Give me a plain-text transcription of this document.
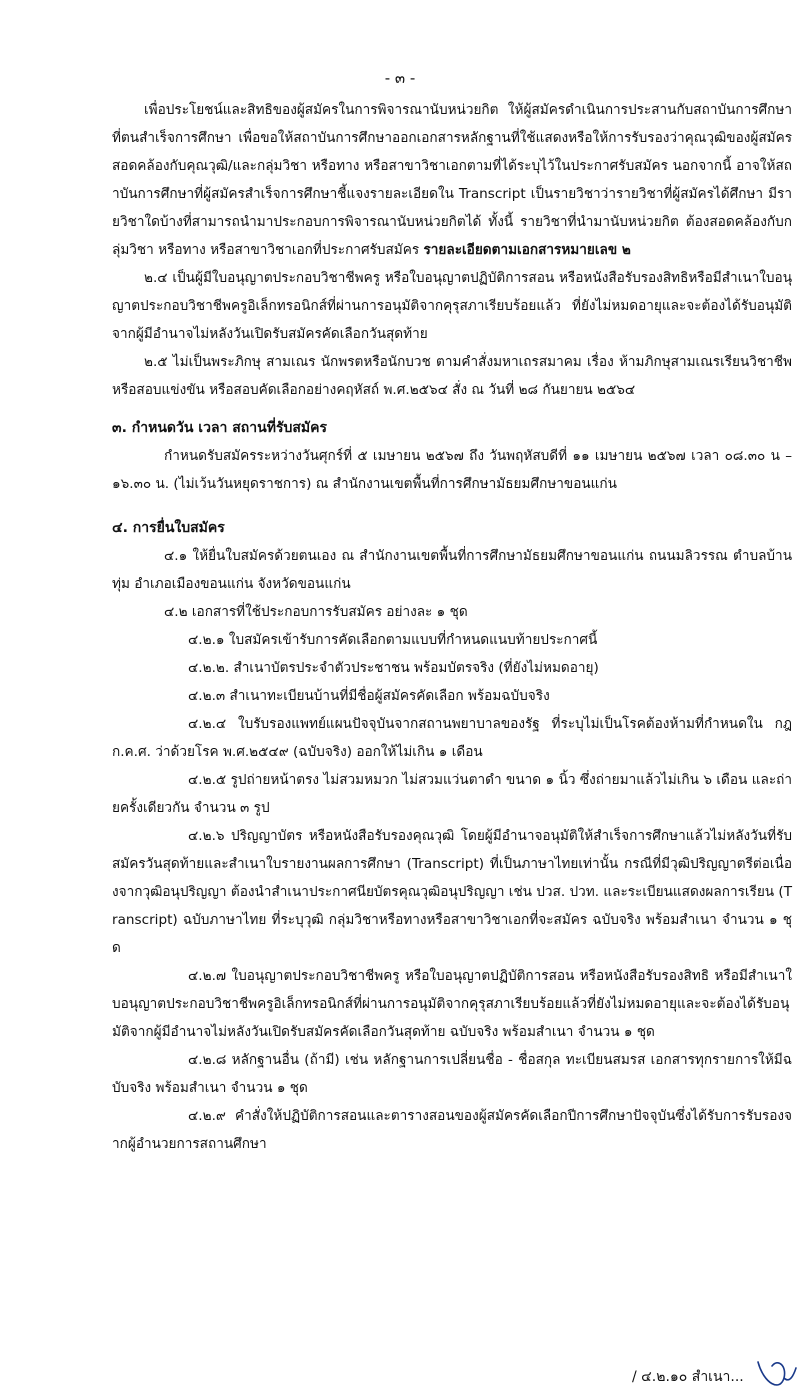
- ๓ -

เพื่อประโยชน์และสิทธิของผู้สมัครในการพิจารณานับหน่วยกิต ให้ผู้สมัครดำเนินการประสานกับสถาบันการศึกษาที่ตนสำเร็จการศึกษา เพื่อขอให้สถาบันการศึกษาออกเอกสารหลักฐานที่ใช้แสดงหรือให้การรับรองว่าคุณวุฒิของผู้สมัครสอดคล้องกับคุณวุฒิ/และกลุ่มวิชา หรือทาง หรือสาขาวิชาเอกตามที่ได้ระบุไว้ในประกาศรับสมัคร นอกจากนี้ อาจให้สถาบันการศึกษาที่ผู้สมัครสำเร็จการศึกษาชี้แจงรายละเอียดใน Transcript เป็นรายวิชาว่ารายวิชาที่ผู้สมัครได้ศึกษา มีรายวิชาใดบ้างที่สามารถนำมาประกอบการพิจารณานับหน่วยกิตได้ ทั้งนี้ รายวิชาที่นำมานับหน่วยกิต ต้องสอดคล้องกับกลุ่มวิชา หรือทาง หรือสาขาวิชาเอกที่ประกาศรับสมัคร รายละเอียดตามเอกสารหมายเลข ๒

๒.๔ เป็นผู้มีใบอนุญาตประกอบวิชาชีพครู หรือใบอนุญาตปฏิบัติการสอน หรือหนังสือรับรองสิทธิหรือมีสำเนาใบอนุญาตประกอบวิชาชีพครูอิเล็กทรอนิกส์ที่ผ่านการอนุมัติจากคุรุสภาเรียบร้อยแล้ว ที่ยังไม่หมดอายุและจะต้องได้รับอนุมัติจากผู้มีอำนาจไม่หลังวันเปิดรับสมัครคัดเลือกวันสุดท้าย

๒.๕ ไม่เป็นพระภิกษุ สามเณร นักพรตหรือนักบวช ตามคำสั่งมหาเถรสมาคม เรื่อง ห้ามภิกษุสามเณรเรียนวิชาชีพหรือสอบแข่งขัน หรือสอบคัดเลือกอย่างคฤหัสถ์ พ.ศ.๒๕๖๔ สั่ง ณ วันที่ ๒๘ กันยายน ๒๕๖๔

๓. กำหนดวัน เวลา สถานที่รับสมัคร

กำหนดรับสมัครระหว่างวันศุกร์ที่ ๕ เมษายน ๒๕๖๗ ถึง วันพฤหัสบดีที่ ๑๑ เมษายน ๒๕๖๗ เวลา ๐๘.๓๐ น – ๑๖.๓๐ น. (ไม่เว้นวันหยุดราชการ) ณ สำนักงานเขตพื้นที่การศึกษามัธยมศึกษาขอนแก่น

๔. การยื่นใบสมัคร

๔.๑ ให้ยื่นใบสมัครด้วยตนเอง ณ สำนักงานเขตพื้นที่การศึกษามัธยมศึกษาขอนแก่น ถนนมลิวรรณ ตำบลบ้านทุ่ม อำเภอเมืองขอนแก่น จังหวัดขอนแก่น

๔.๒ เอกสารที่ใช้ประกอบการรับสมัคร อย่างละ ๑ ชุด

๔.๒.๑ ใบสมัครเข้ารับการคัดเลือกตามแบบที่กำหนดแนบท้ายประกาศนี้

๔.๒.๒. สำเนาบัตรประจำตัวประชาชน พร้อมบัตรจริง (ที่ยังไม่หมดอายุ)

๔.๒.๓ สำเนาทะเบียนบ้านที่มีชื่อผู้สมัครคัดเลือก พร้อมฉบับจริง

๔.๒.๔ ใบรับรองแพทย์แผนปัจจุบันจากสถานพยาบาลของรัฐ ที่ระบุไม่เป็นโรคต้องห้ามที่กำหนดใน กฎ ก.ค.ศ. ว่าด้วยโรค พ.ศ.๒๕๔๙ (ฉบับจริง) ออกให้ไม่เกิน ๑ เดือน

๔.๒.๕ รูปถ่ายหน้าตรง ไม่สวมหมวก ไม่สวมแว่นตาดำ ขนาด ๑ นิ้ว ซึ่งถ่ายมาแล้วไม่เกิน ๖ เดือน และถ่ายครั้งเดียวกัน จำนวน ๓ รูป

๔.๒.๖ ปริญญาบัตร หรือหนังสือรับรองคุณวุฒิ โดยผู้มีอำนาจอนุมัติให้สำเร็จการศึกษาแล้วไม่หลังวันที่รับสมัครวันสุดท้ายและสำเนาใบรายงานผลการศึกษา (Transcript) ที่เป็นภาษาไทยเท่านั้น กรณีที่มีวุฒิปริญญาตรีต่อเนื่องจากวุฒิอนุปริญญา ต้องนำสำเนาประกาศนียบัตรคุณวุฒิอนุปริญญา เช่น ปวส. ปวท. และระเบียนแสดงผลการเรียน (Transcript) ฉบับภาษาไทย ที่ระบุวุฒิ กลุ่มวิชาหรือทางหรือสาขาวิชาเอกที่จะสมัคร ฉบับจริง พร้อมสำเนา จำนวน ๑ ชุด

๔.๒.๗ ใบอนุญาตประกอบวิชาชีพครู หรือใบอนุญาตปฏิบัติการสอน หรือหนังสือรับรองสิทธิ หรือมีสำเนาใบอนุญาตประกอบวิชาชีพครูอิเล็กทรอนิกส์ที่ผ่านการอนุมัติจากคุรุสภาเรียบร้อยแล้วที่ยังไม่หมดอายุและจะต้องได้รับอนุมัติจากผู้มีอำนาจไม่หลังวันเปิดรับสมัครคัดเลือกวันสุดท้าย ฉบับจริง พร้อมสำเนา จำนวน ๑ ชุด

๔.๒.๘ หลักฐานอื่น (ถ้ามี) เช่น หลักฐานการเปลี่ยนชื่อ - ชื่อสกุล ทะเบียนสมรส เอกสารทุกรายการให้มีฉบับจริง พร้อมสำเนา จำนวน ๑ ชุด

๔.๒.๙ คำสั่งให้ปฏิบัติการสอนและตารางสอนของผู้สมัครคัดเลือกปีการศึกษาปัจจุบันซึ่งได้รับการรับรองจากผู้อำนวยการสถานศึกษา

/ ๔.๒.๑๐ สำเนา...
